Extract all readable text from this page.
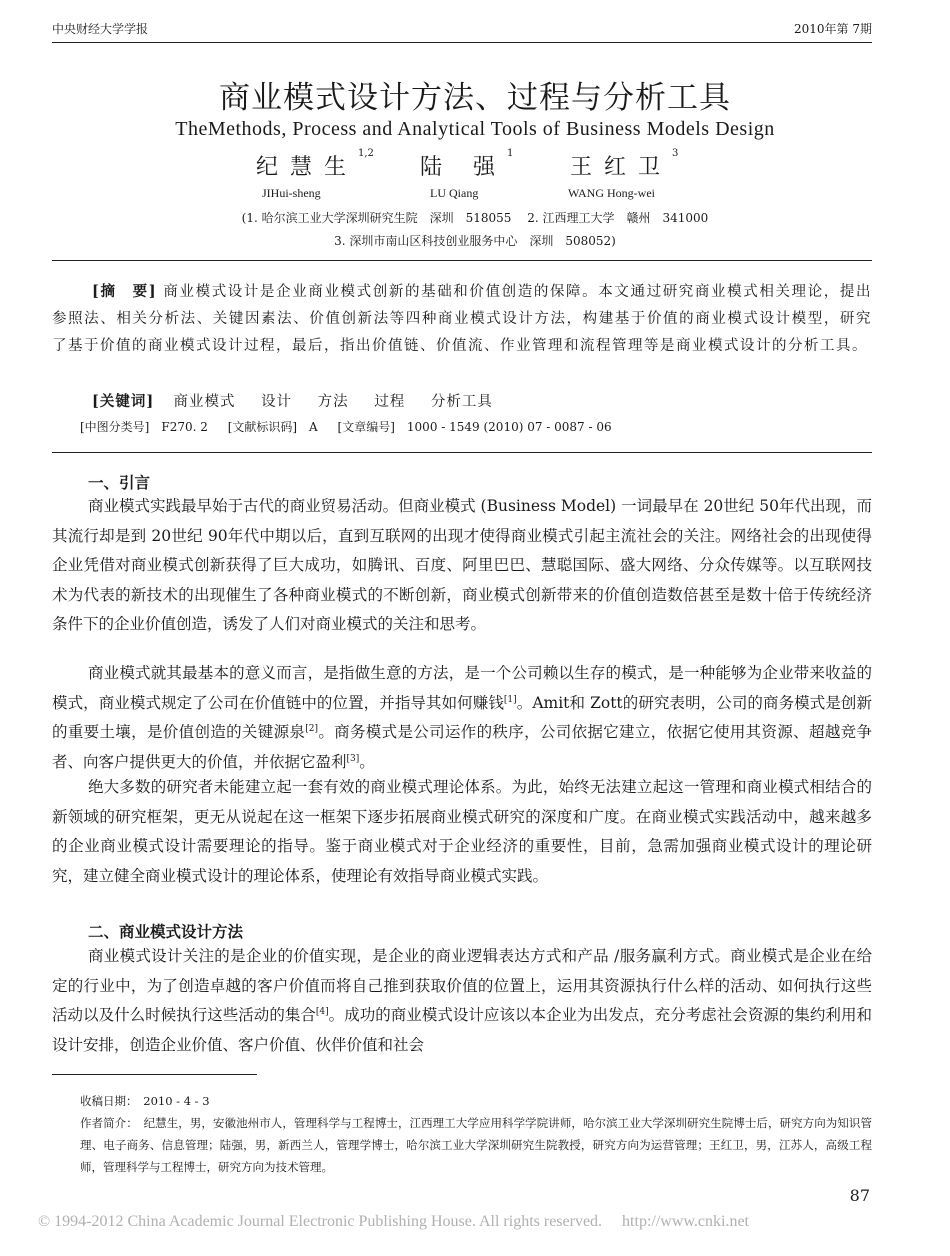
中央财经大学学报	2010年第 7期
商业模式设计方法、过程与分析工具
TheMethods, Process and Analytical Tools of Business Models Design
纪慧生$^{1,2}$
陆 强$^1$
王红卫$^3$
JIHui-sheng	LU Qiang	WANG Hong-wei
(1. 哈尔滨工业大学深圳研究生院　深圳　518055　 2. 江西理工大学　赣州　341000
3. 深圳市南山区科技创业服务中心　深圳　508052)

[摘　要] 商业模式设计是企业商业模式创新的基础和价值创造的保障。本文通过研究商业模式相关理论，提出参照法、相关分析法、关键因素法、价值创新法等四种商业模式设计方法，构建基于价值的商业模式设计模型，研究了基于价值的商业模式设计过程，最后，指出价值链、价值流、作业管理和流程管理等是商业模式设计的分析工具。

[关键词] 商业模式 设计 方法 过程 分析工具
[中图分类号]　F270. 2 [文献标识码]　A [文章编号]　1000 - 1549 (2010) 07 - 0087 - 06
一、引言

商业模式实践最早始于古代的商业贸易活动。但商业模式 (Business Model) 一词最早在 20世纪 50年代出现，而其流行却是到 20世纪 90年代中期以后，直到互联网的出现才使得商业模式引起主流社会的关注。网络社会的出现使得企业凭借对商业模式创新获得了巨大成功，如腾讯、百度、阿里巴巴、慧聪国际、盛大网络、分众传媒等。以互联网技术为代表的新技术的出现催生了各种商业模式的不断创新，商业模式创新带来的价值创造数倍甚至是数十倍于传统经济条件下的企业价值创造，诱发了人们对商业模式的关注和思考。

商业模式就其最基本的意义而言，是指做生意的方法，是一个公司赖以生存的模式，是一种能够为企业带来收益的模式，商业模式规定了公司在价值链中的位置，并指导其如何赚钱[1]。Amit和 Zott的研究表明，公司的商务模式是创新的重要土壤，是价值创造的关键源泉[2]。商务模式是公司运作的秩序，公司依据它建立，依据它使用其资源、超越竞争者、向客户提供更大的价值，并依据它盈利[3]。

绝大多数的研究者未能建立起一套有效的商业模式理论体系。为此，始终无法建立起这一管理和商业模式相结合的新领域的研究框架，更无从说起在这一框架下逐步拓展商业模式研究的深度和广度。在商业模式实践活动中，越来越多的企业商业模式设计需要理论的指导。鉴于商业模式对于企业经济的重要性，目前，急需加强商业模式设计的理论研究，建立健全商业模式设计的理论体系，使理论有效指导商业模式实践。

二、商业模式设计方法

商业模式设计关注的是企业的价值实现，是企业的商业逻辑表达方式和产品 /服务赢利方式。商业模式是企业在给定的行业中，为了创造卓越的客户价值而将自己推到获取价值的位置上，运用其资源执行什么样的活动、如何执行这些活动以及什么时候执行这些活动的集合[4]。成功的商业模式设计应该以本企业为出发点，充分考虑社会资源的集约利用和设计安排，创造企业价值、客户价值、伙伴价值和社会

收稿日期：　2010 - 4 - 3

作者简介：　纪慧生，男，安徽池州市人，管理科学与工程博士，江西理工大学应用科学学院讲师，哈尔滨工业大学深圳研究生院博士后，研究方向为知识管理、电子商务、信息管理；陆强，男，新西兰人，管理学博士，哈尔滨工业大学深圳研究生院教授，研究方向为运营管理；王红卫，男，江苏人，高级工程师，管理科学与工程博士，研究方向为技术管理。

87
© 1994-2012 China Academic Journal Electronic Publishing House. All rights reserved.　 http://www.cnki.net
